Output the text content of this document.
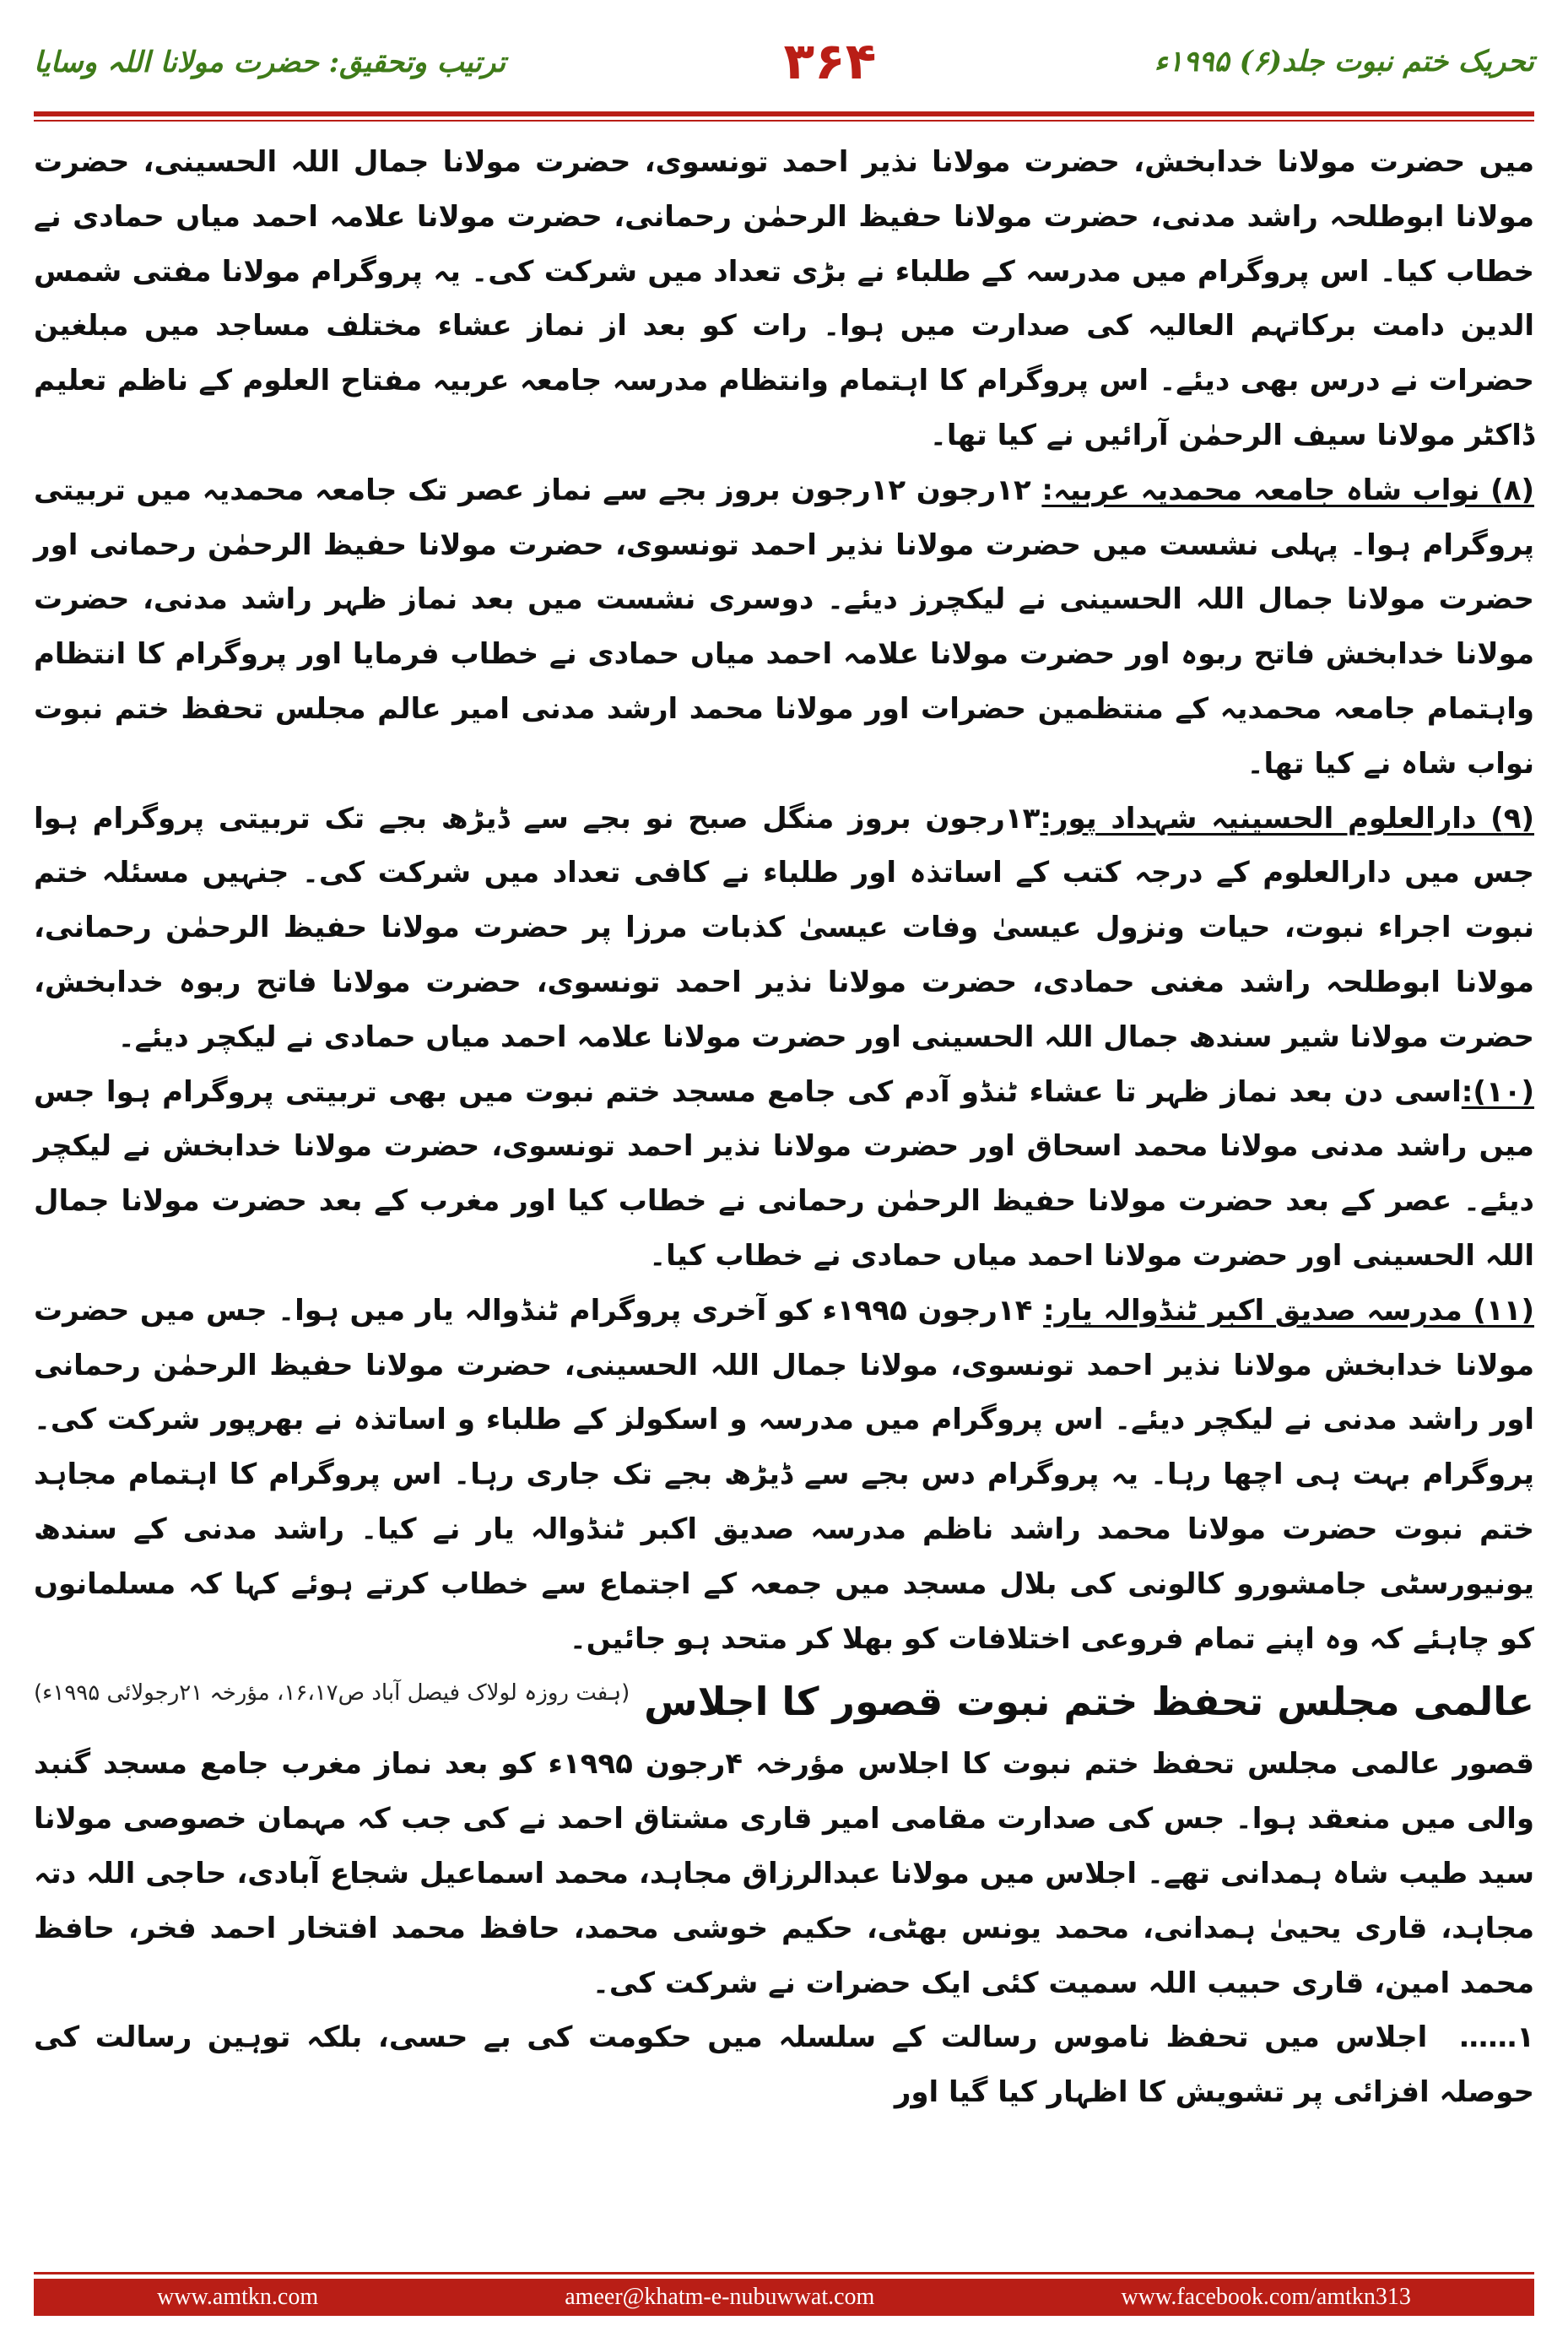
ترتیب وتحقیق: حضرت مولانا اللہ وسایا	۳۶۴	تحریک ختم نبوت جلد(۶) ۱۹۹۵ء

میں حضرت مولانا خدابخش، حضرت مولانا نذیر احمد تونسوی، حضرت مولانا جمال اللہ الحسینی، حضرت مولانا ابوطلحہ راشد مدنی، حضرت مولانا حفیظ الرحمٰن رحمانی، حضرت مولانا علامہ احمد میاں حمادی نے خطاب کیا۔ اس پروگرام میں مدرسہ کے طلباء نے بڑی تعداد میں شرکت کی۔ یہ پروگرام مولانا مفتی شمس الدین دامت برکاتہم العالیہ کی صدارت میں ہوا۔ رات کو بعد از نماز عشاء مختلف مساجد میں مبلغین حضرات نے درس بھی دیئے۔ اس پروگرام کا اہتمام وانتظام مدرسہ جامعہ عربیہ مفتاح العلوم کے ناظم تعلیم ڈاکٹر مولانا سیف الرحمٰن آرائیں نے کیا تھا۔

(۸) نواب شاہ جامعہ محمدیہ عربیہ: ۱۲رجون ۱۲رجون بروز بجے سے نماز عصر تک جامعہ محمدیہ میں تربیتی پروگرام ہوا۔ پہلی نشست میں حضرت مولانا نذیر احمد تونسوی، حضرت مولانا حفیظ الرحمٰن رحمانی اور حضرت مولانا جمال اللہ الحسینی نے لیکچرز دیئے۔ دوسری نشست میں بعد نماز ظہر راشد مدنی، حضرت مولانا خدابخش فاتح ربوہ اور حضرت مولانا علامہ احمد میاں حمادی نے خطاب فرمایا اور پروگرام کا انتظام واہتمام جامعہ محمدیہ کے منتظمین حضرات اور مولانا محمد ارشد مدنی امیر عالم مجلس تحفظ ختم نبوت نواب شاہ نے کیا تھا۔

(۹) دارالعلوم الحسینیہ شہداد پور:۱۳رجون بروز منگل صبح نو بجے سے ڈیڑھ بجے تک تربیتی پروگرام ہوا جس میں دارالعلوم کے درجہ کتب کے اساتذہ اور طلباء نے کافی تعداد میں شرکت کی۔ جنہیں مسئلہ ختم نبوت اجراء نبوت، حیات ونزول عیسیٰ وفات عیسیٰ کذبات مرزا پر حضرت مولانا حفیظ الرحمٰن رحمانی، مولانا ابوطلحہ راشد مغنی حمادی، حضرت مولانا نذیر احمد تونسوی، حضرت مولانا فاتح ربوہ خدابخش، حضرت مولانا شیر سندھ جمال اللہ الحسینی اور حضرت مولانا علامہ احمد میاں حمادی نے لیکچر دیئے۔

(۱۰):اسی دن بعد نماز ظہر تا عشاء ٹنڈو آدم کی جامع مسجد ختم نبوت میں بھی تربیتی پروگرام ہوا جس میں راشد مدنی مولانا محمد اسحاق اور حضرت مولانا نذیر احمد تونسوی، حضرت مولانا خدابخش نے لیکچر دیئے۔ عصر کے بعد حضرت مولانا حفیظ الرحمٰن رحمانی نے خطاب کیا اور مغرب کے بعد حضرت مولانا جمال اللہ الحسینی اور حضرت مولانا احمد میاں حمادی نے خطاب کیا۔

(۱۱) مدرسہ صدیق اکبر ٹنڈوالہ یار: ۱۴رجون ۱۹۹۵ء کو آخری پروگرام ٹنڈوالہ یار میں ہوا۔ جس میں حضرت مولانا خدابخش مولانا نذیر احمد تونسوی، مولانا جمال اللہ الحسینی، حضرت مولانا حفیظ الرحمٰن رحمانی اور راشد مدنی نے لیکچر دیئے۔ اس پروگرام میں مدرسہ و اسکولز کے طلباء و اساتذہ نے بھرپور شرکت کی۔ پروگرام بہت ہی اچھا رہا۔ یہ پروگرام دس بجے سے ڈیڑھ بجے تک جاری رہا۔ اس پروگرام کا اہتمام مجاہد ختم نبوت حضرت مولانا محمد راشد ناظم مدرسہ صدیق اکبر ٹنڈوالہ یار نے کیا۔ راشد مدنی کے سندھ یونیورسٹی جامشورو کالونی کی بلال مسجد میں جمعہ کے اجتماع سے خطاب کرتے ہوئے کہا کہ مسلمانوں کو چاہئے کہ وہ اپنے تمام فروعی اختلافات کو بھلا کر متحد ہو جائیں۔
(ہفت روزہ لولاک فیصل آباد ص۱۶،۱۷، مؤرخہ ۲۱رجولائی ۱۹۹۵ء) عالمی مجلس تحفظ ختم نبوت قصور کا اجلاس

قصور عالمی مجلس تحفظ ختم نبوت کا اجلاس مؤرخہ ۴رجون ۱۹۹۵ء کو بعد نماز مغرب جامع مسجد گنبد والی میں منعقد ہوا۔ جس کی صدارت مقامی امیر قاری مشتاق احمد نے کی جب کہ مہمان خصوصی مولانا سید طیب شاہ ہمدانی تھے۔ اجلاس میں مولانا عبدالرزاق مجاہد، محمد اسماعیل شجاع آبادی، حاجی اللہ دتہ مجاہد، قاری یحییٰ ہمدانی، محمد یونس بھٹی، حکیم خوشی محمد، حافظ محمد افتخار احمد فخر، حافظ محمد امین، قاری حبیب اللہ سمیت کئی ایک حضرات نے شرکت کی۔

۱……اجلاس میں تحفظ ناموس رسالت کے سلسلہ میں حکومت کی بے حسی، بلکہ توہین رسالت کی حوصلہ افزائی پر تشویش کا اظہار کیا گیا اور

www.amtkn.com	ameer@khatm-e-nubuwwat.com	www.facebook.com/amtkn313
